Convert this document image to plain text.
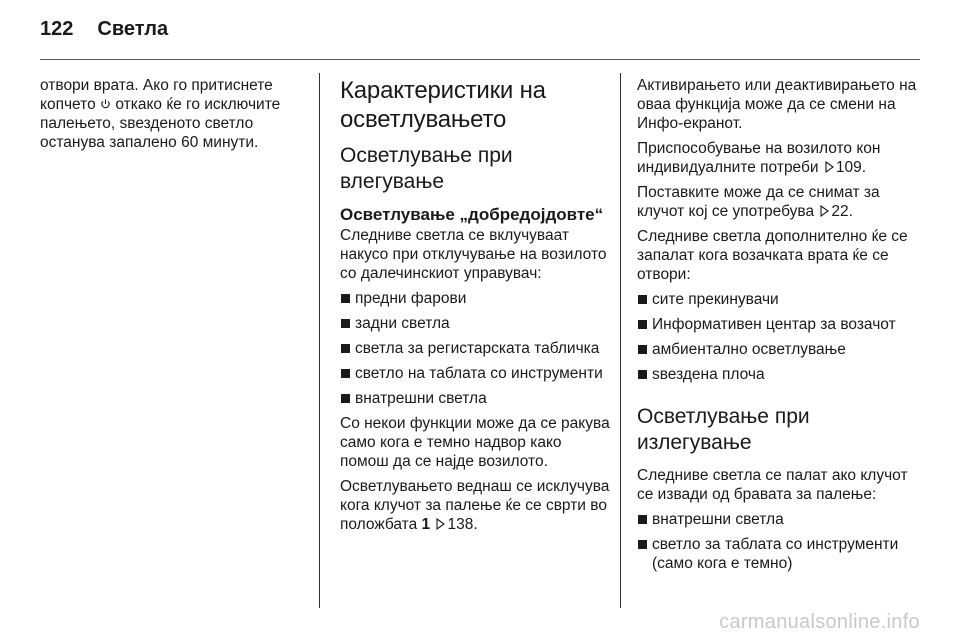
122 Светла

отвори врата. Ако го притиснете копчето откако ќе го исключите палењето, ѕвезденото светло останува запалено 60 минути.

Карактеристики на осветлувањето
Осветлување при влегување
Осветлување „добредојдовте“

Следниве светла се вклучуваат накусо при отклучување на возилото со далечинскиот управувач:

предни фарови
задни светла
светла за регистарската табличка
светло на таблата со инструменти
внатрешни светла

Со некои функции може да се ракува само кога е темно надвор како помош да се најде возилото.

Осветлувањето веднаш се исклучува кога клучот за палење ќе се сврти во положбата 1 138.

Активирањето или деактивирањето на оваа функција може да се смени на Инфо-екранот.

Приспособување на возилото кон индивидуалните потреби 109.

Поставките може да се снимат за клучот кој се употребува 22.

Следниве светла дополнително ќе се запалат кога возачката врата ќе се отвори:

сите прекинувачи
Информативен центар за возачот
амбиентално осветлување
ѕвездена плоча
Осветлување при излегување

Следниве светла се палат ако клучот се извади од бравата за палење:

внатрешни светла
светло за таблата со инструменти (само кога е темно)
carmanualsonline.info
